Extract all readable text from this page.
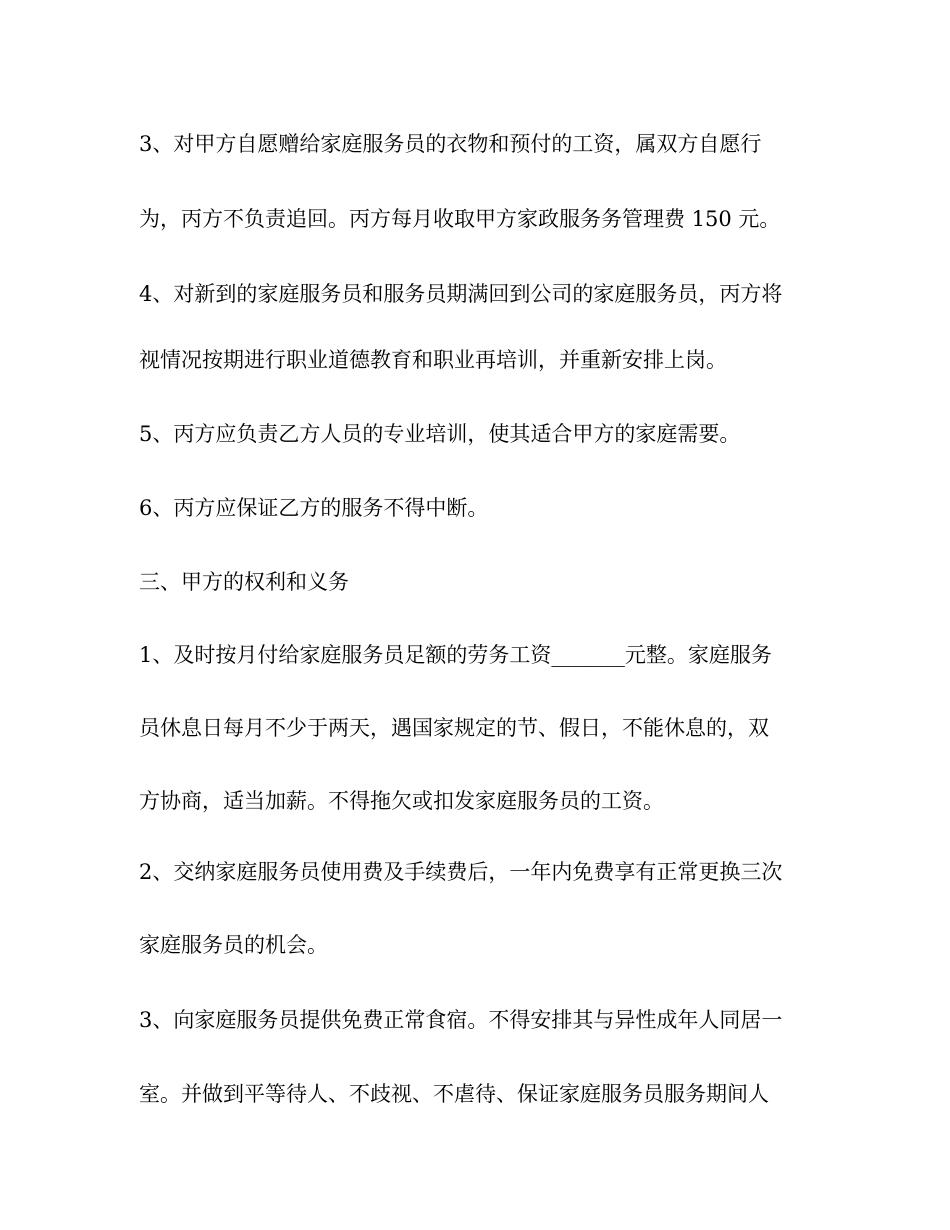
3、对甲方自愿赠给家庭服务员的衣物和预付的工资，属双方自愿行
为，丙方不负责追回。丙方每月收取甲方家政服务务管理费 150 元。
4、对新到的家庭服务员和服务员期满回到公司的家庭服务员，丙方将
视情况按期进行职业道德教育和职业再培训，并重新安排上岗。
5、丙方应负责乙方人员的专业培训，使其适合甲方的家庭需要。
6、丙方应保证乙方的服务不得中断。
三、甲方的权利和义务
1、及时按月付给家庭服务员足额的劳务工资_______元整。家庭服务
员休息日每月不少于两天，遇国家规定的节、假日，不能休息的，双
方协商，适当加薪。不得拖欠或扣发家庭服务员的工资。
2、交纳家庭服务员使用费及手续费后，一年内免费享有正常更换三次
家庭服务员的机会。
3、向家庭服务员提供免费正常食宿。不得安排其与异性成年人同居一
室。并做到平等待人、不歧视、不虐待、保证家庭服务员服务期间人
